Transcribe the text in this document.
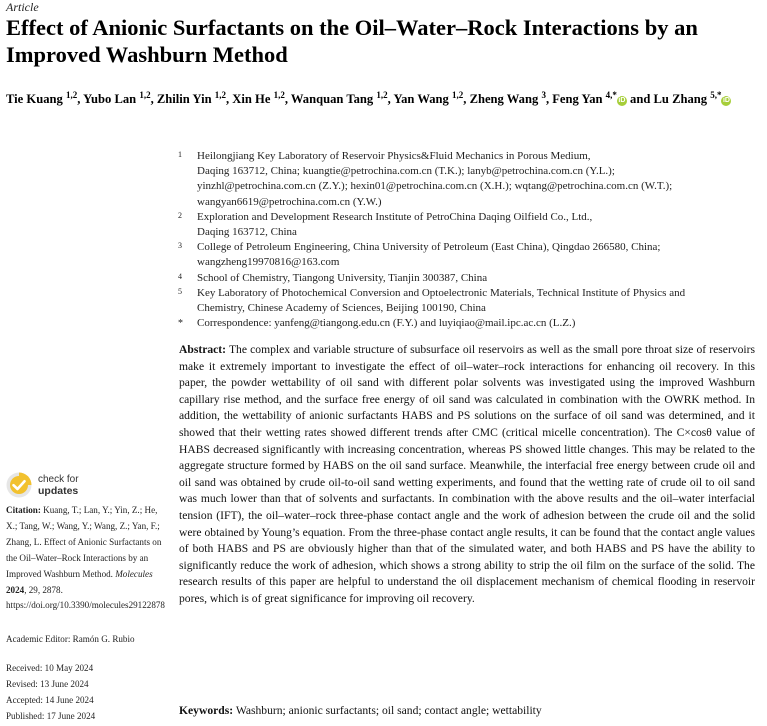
Article
Effect of Anionic Surfactants on the Oil–Water–Rock Interactions by an Improved Washburn Method
Tie Kuang $^{1,2}$, Yubo Lan $^{1,2}$, Zhilin Yin $^{1,2}$, Xin He $^{1,2}$, Wanquan Tang $^{1,2}$, Yan Wang $^{1,2}$, Zheng Wang $^3$, Feng Yan $^{4,*}$iD and Lu Zhang $^{5,*}$iD
1 Heilongjiang Key Laboratory of Reservoir Physics&Fluid Mechanics in Porous Medium,
Daqing 163712, China; kuangtie@petrochina.com.cn (T.K.); lanyb@petrochina.com.cn (Y.L.);
yinzhl@petrochina.com.cn (Z.Y.); hexin01@petrochina.com.cn (X.H.); wqtang@petrochina.com.cn (W.T.);
wangyan6619@petrochina.com.cn (Y.W.)
2 Exploration and Development Research Institute of PetroChina Daqing Oilfield Co., Ltd.,
Daqing 163712, China
3 College of Petroleum Engineering, China University of Petroleum (East China), Qingdao 266580, China;
wangzheng19970816@163.com
4 School of Chemistry, Tiangong University, Tianjin 300387, China
5 Key Laboratory of Photochemical Conversion and Optoelectronic Materials, Technical Institute of Physics and
Chemistry, Chinese Academy of Sciences, Beijing 100190, China
* Correspondence: yanfeng@tiangong.edu.cn (F.Y.) and luyiqiao@mail.ipc.ac.cn (L.Z.)
Abstract: The complex and variable structure of subsurface oil reservoirs as well as the small pore throat size of reservoirs make it extremely important to investigate the effect of oil–water–rock interactions for enhancing oil recovery. In this paper, the powder wettability of oil sand with different polar solvents was investigated using the improved Washburn capillary rise method, and the surface free energy of oil sand was calculated in combination with the OWRK method. In addition, the wettability of anionic surfactants HABS and PS solutions on the surface of oil sand was determined, and it showed that their wetting rates showed different trends after CMC (critical micelle concentration). The C×cosθ value of HABS decreased significantly with increasing concentration, whereas PS showed little changes. This may be related to the aggregate structure formed by HABS on the oil sand surface. Meanwhile, the interfacial free energy between crude oil and oil sand was obtained by crude oil-to-oil sand wetting experiments, and found that the wetting rate of crude oil to oil sand was much lower than that of solvents and surfactants. In combination with the above results and the oil–water interfacial tension (IFT), the oil–water–rock three-phase contact angle and the work of adhesion between the crude oil and the solid were obtained by Young’s equation. From the three-phase contact angle results, it can be found that the contact angle values of both HABS and PS are obviously higher than that of the simulated water, and both HABS and PS have the ability to significantly reduce the work of adhesion, which shows a strong ability to strip the oil film on the surface of the solid. The research results of this paper are helpful to understand the oil displacement mechanism of chemical flooding in reservoir pores, which is of great significance for improving oil recovery.
Keywords: Washburn; anionic surfactants; oil sand; contact angle; wettability
check for
updates
Citation: Kuang, T.; Lan, Y.; Yin, Z.; He, X.; Tang, W.; Wang, Y.; Wang, Z.; Yan, F.; Zhang, L. Effect of Anionic Surfactants on the Oil–Water–Rock Interactions by an Improved Washburn Method. Molecules 2024, 29, 2878. https://doi.org/10.3390/molecules29122878
Academic Editor: Ramón G. Rubio
Received: 10 May 2024
Revised: 13 June 2024
Accepted: 14 June 2024
Published: 17 June 2024
